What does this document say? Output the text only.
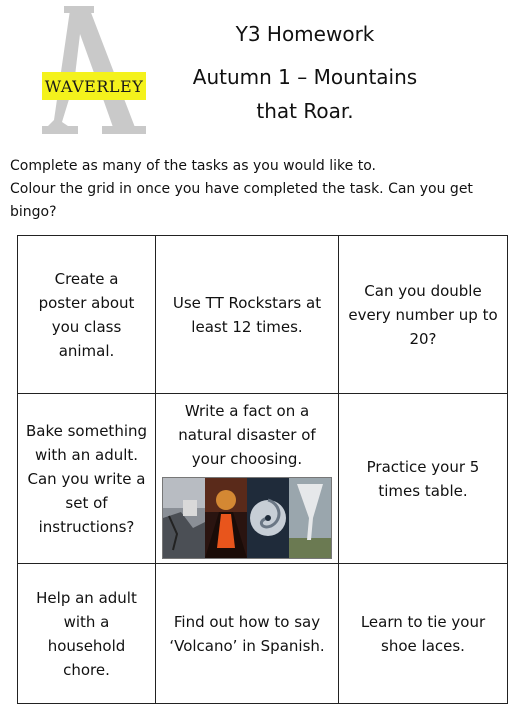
WAVERLEY
Y3 Homework
Autumn 1 – Mountains
that Roar.
Complete as many of the tasks as you would like to.
Colour the grid in once you have completed the task. Can you get
bingo?
Create a
poster about
you class
animal.
Use TT Rockstars at
least 12 times.
Can you double
every number up to
20?
Bake something
with an adult.
Can you write a
set of
instructions?
Write a fact on a
natural disaster of
your choosing.	Practice your 5
times table.
Help an adult
with a
household
chore.
Find out how to say
‘Volcano’ in Spanish.
Learn to tie your
shoe laces.
